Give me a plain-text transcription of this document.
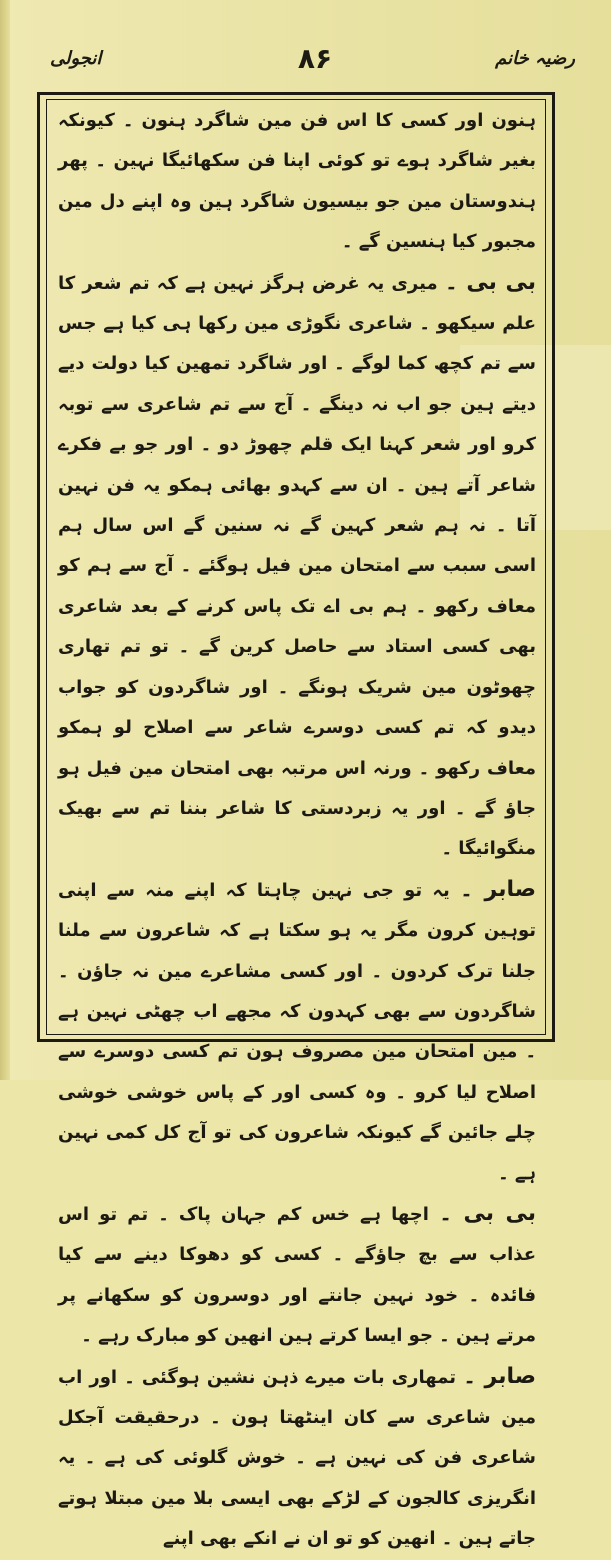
انجولی	۸۶	رضیہ خانم

ہنون اور کسی کا اس فن مین شاگرد ہنون ۔ کیونکہ بغیر شاگرد ہوے تو کوئی اپنا فن سکھائیگا نہین ۔ پھر ہندوستان مین جو بیسیون شاگرد ہین وہ اپنے دل مین مجبور کیا ہنسین گے ۔

بی بی ۔ میری یہ غرض ہرگز نہین ہے کہ تم شعر کا علم سیکھو ۔ شاعری نگوڑی مین رکھا ہی کیا ہے جس سے تم کچھ کما لوگے ۔ اور شاگرد تمھین کیا دولت دیے دیتے ہین جو اب نہ دینگے ۔ آج سے تم شاعری سے توبہ کرو اور شعر کہنا ایک قلم چھوڑ دو ۔ اور جو بے فکرے شاعر آتے ہین ۔ ان سے کہدو بھائی ہمکو یہ فن نہین آتا ۔ نہ ہم شعر کہین گے نہ سنین گے اس سال ہم اسی سبب سے امتحان مین فیل ہوگئے ۔ آج سے ہم کو معاف رکھو ۔ ہم بی اے تک پاس کرنے کے بعد شاعری بھی کسی استاد سے حاصل کرین گے ۔ تو تم تھاری چھوٹون مین شریک ہونگے ۔ اور شاگردون کو جواب دیدو کہ تم کسی دوسرے شاعر سے اصلاح لو ہمکو معاف رکھو ۔ ورنہ اس مرتبہ بھی امتحان مین فیل ہو جاؤ گے ۔ اور یہ زبردستی کا شاعر بننا تم سے بھیک منگوائیگا ۔

صابر ۔ یہ تو جی نہین چاہتا کہ اپنے منہ سے اپنی توہین کرون مگر یہ ہو سکتا ہے کہ شاعرون سے ملنا جلنا ترک کردون ۔ اور کسی مشاعرے مین نہ جاؤن ۔ شاگردون سے بھی کہدون کہ مجھے اب چھٹی نہین ہے ۔ مین امتحان مین مصروف ہون تم کسی دوسرے سے اصلاح لیا کرو ۔ وہ کسی اور کے پاس خوشی خوشی چلے جائین گے کیونکہ شاعرون کی تو آج کل کمی نہین ہے ۔

بی بی ۔ اچھا ہے خس کم جہان پاک ۔ تم تو اس عذاب سے بچ جاؤگے ۔ کسی کو دھوکا دینے سے کیا فائدہ ۔ خود نہین جانتے اور دوسرون کو سکھانے پر مرتے ہین ۔ جو ایسا کرتے ہین انھین کو مبارک رہے ۔

صابر ۔ تمھاری بات میرے ذہن نشین ہوگئی ۔ اور اب مین شاعری سے کان اینٹھتا ہون ۔ درحقیقت آجکل شاعری فن کی نہین ہے ۔ خوش گلوئی کی ہے ۔ یہ انگریزی کالجون کے لڑکے بھی ایسی بلا مین مبتلا ہوتے جاتے ہین ۔ انھین کو تو ان نے انکے بھی اپنے
